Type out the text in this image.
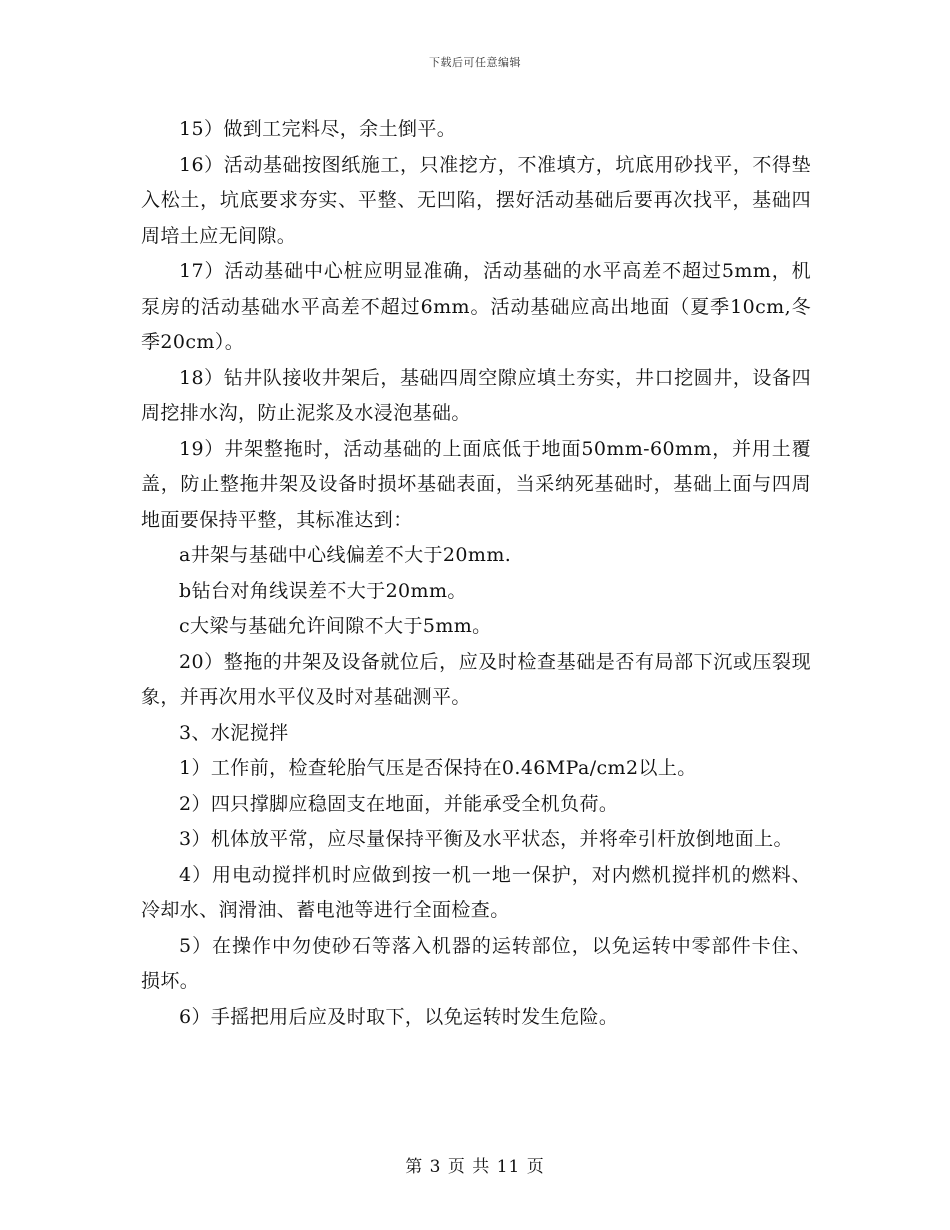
下载后可任意编辑

15）做到工完料尽，余土倒平。

16）活动基础按图纸施工，只准挖方，不准填方，坑底用砂找平，不得垫入松土，坑底要求夯实、平整、无凹陷，摆好活动基础后要再次找平，基础四周培土应无间隙。

17）活动基础中心桩应明显准确，活动基础的水平高差不超过5mm，机泵房的活动基础水平高差不超过6mm。活动基础应高出地面（夏季10cm,冬季20cm）。

18）钻井队接收井架后，基础四周空隙应填土夯实，井口挖圆井，设备四周挖排水沟，防止泥浆及水浸泡基础。

19）井架整拖时，活动基础的上面底低于地面50mm-60mm，并用土覆盖，防止整拖井架及设备时损坏基础表面，当采纳死基础时，基础上面与四周地面要保持平整，其标准达到：

a井架与基础中心线偏差不大于20mm.

b钻台对角线误差不大于20mm。

c大梁与基础允许间隙不大于5mm。

20）整拖的井架及设备就位后，应及时检查基础是否有局部下沉或压裂现象，并再次用水平仪及时对基础测平。

3、水泥搅拌

1）工作前，检查轮胎气压是否保持在0.46MPa/cm2以上。

2）四只撑脚应稳固支在地面，并能承受全机负荷。

3）机体放平常，应尽量保持平衡及水平状态，并将牵引杆放倒地面上。

4）用电动搅拌机时应做到按一机一地一保护，对内燃机搅拌机的燃料、冷却水、润滑油、蓄电池等进行全面检查。

5）在操作中勿使砂石等落入机器的运转部位，以免运转中零部件卡住、损坏。

6）手摇把用后应及时取下，以免运转时发生危险。

第 3 页 共 11 页
